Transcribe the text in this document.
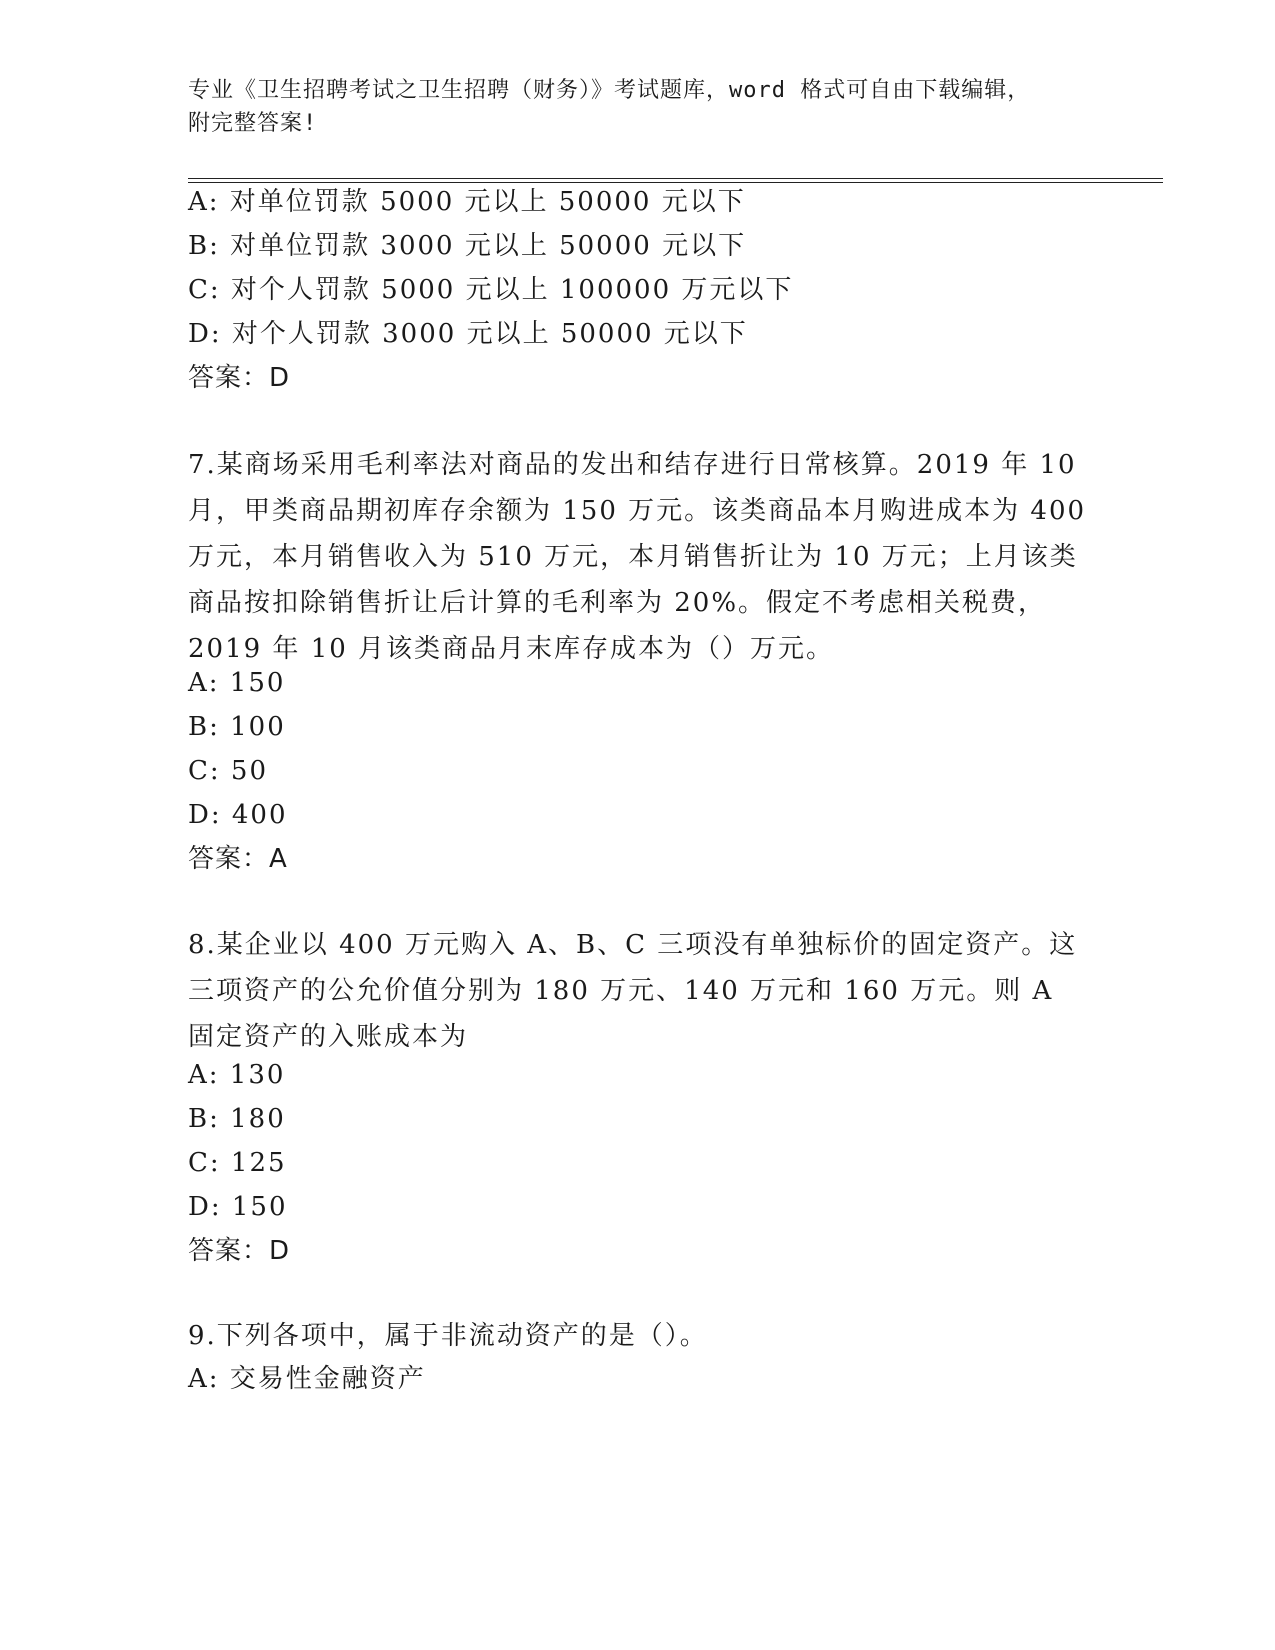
专业《卫生招聘考试之卫生招聘（财务）》考试题库，word 格式可自由下载编辑，附完整答案!
A: 对单位罚款 5000 元以上 50000 元以下
B: 对单位罚款 3000 元以上 50000 元以下
C: 对个人罚款 5000 元以上 100000 万元以下
D: 对个人罚款 3000 元以上 50000 元以下
答案：D
7.某商场采用毛利率法对商品的发出和结存进行日常核算。2019 年 10 月，甲类商品期初库存余额为 150 万元。该类商品本月购进成本为 400 万元，本月销售收入为 510 万元，本月销售折让为 10 万元；上月该类商品按扣除销售折让后计算的毛利率为 20%。假定不考虑相关税费，2019 年 10 月该类商品月末库存成本为（）万元。
A: 150
B: 100
C: 50
D: 400
答案：A
8.某企业以 400 万元购入 A、B、C 三项没有单独标价的固定资产。这三项资产的公允价值分别为 180 万元、140 万元和 160 万元。则 A 固定资产的入账成本为
A: 130
B: 180
C: 125
D: 150
答案：D
9.下列各项中，属于非流动资产的是（）。
A: 交易性金融资产
